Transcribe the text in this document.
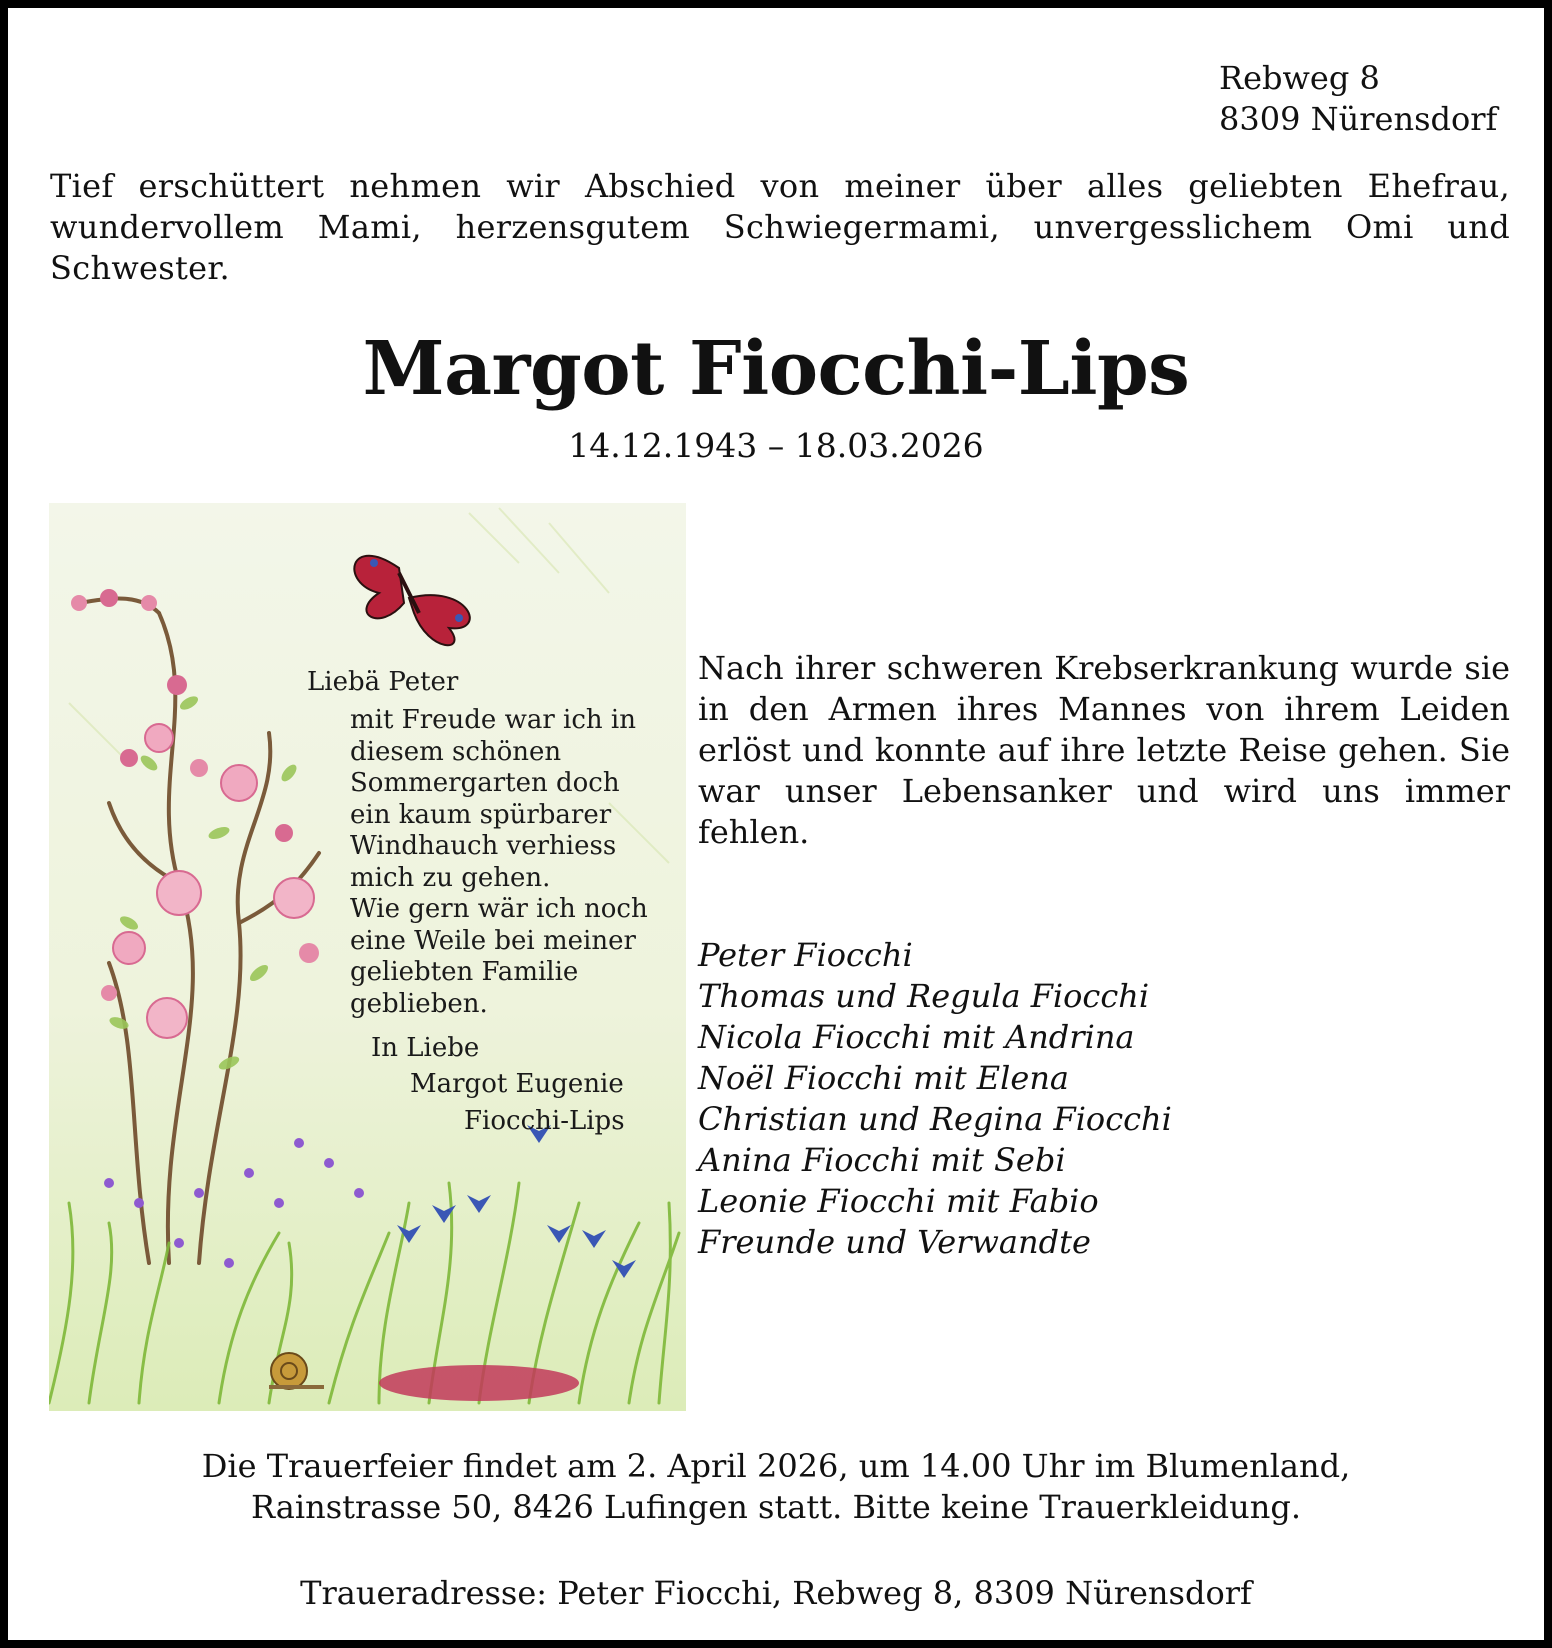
Rebweg 8
8309 Nürensdorf
Tief erschüttert nehmen wir Abschied von meiner über alles geliebten Ehefrau, wundervollem Mami, herzensgutem Schwiegermami, unvergesslichem Omi und Schwester.
Margot Fiocchi-Lips
14.12.1943 – 18.03.2026
Liebä Peter
mit Freude war ich in
diesem schönen
Sommergarten doch
ein kaum spürbarer
Windhauch verhiess
mich zu gehen.
Wie gern wär ich noch
eine Weile bei meiner
geliebten Familie
geblieben.
In Liebe
Margot Eugenie
Fiocchi-Lips
Nach ihrer schweren Krebserkrankung wurde sie in den Armen ihres Mannes von ihrem Leiden erlöst und konnte auf ihre letzte Reise gehen. Sie war unser Lebensanker und wird uns immer fehlen.
Peter Fiocchi
Thomas und Regula Fiocchi
Nicola Fiocchi mit Andrina
Noël Fiocchi mit Elena
Christian und Regina Fiocchi
Anina Fiocchi mit Sebi
Leonie Fiocchi mit Fabio
Freunde und Verwandte
Die Trauerfeier findet am 2. April 2026, um 14.00 Uhr im Blumenland,
Rainstrasse 50, 8426 Lufingen statt. Bitte keine Trauerkleidung.
Traueradresse: Peter Fiocchi, Rebweg 8, 8309 Nürensdorf
